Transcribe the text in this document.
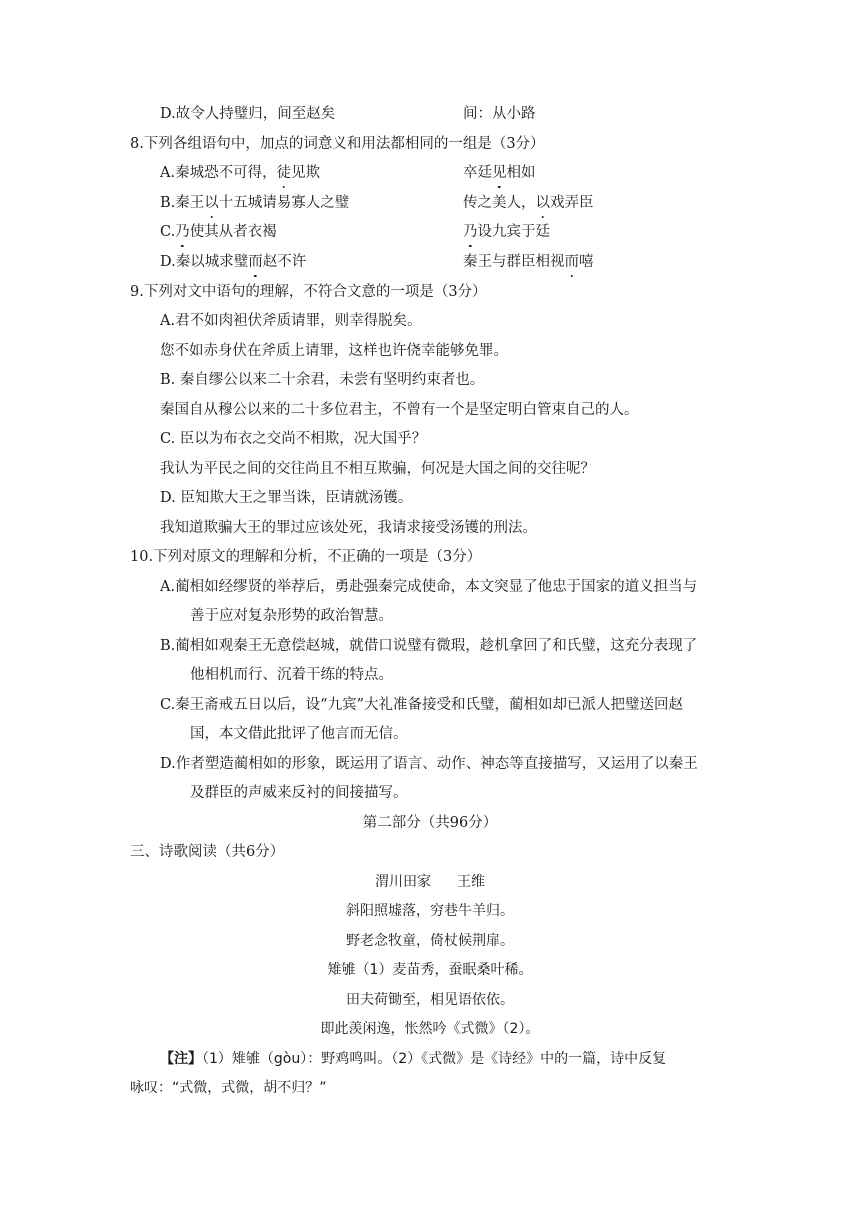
D.故令人持璧归，间至赵矣	间：从小路
8.下列各组语句中，加点的词意义和用法都相同的一组是（3分）
A.秦城恐不可得，徒见欺	卒廷见相如
B.秦王以十五城请易寡人之璧	传之美人，以戏弄臣
C.乃使其从者衣褐	乃设九宾于廷
D.秦以城求璧而赵不许	秦王与群臣相视而嘻
9.下列对文中语句的理解，不符合文意的一项是（3分）
A.君不如肉袒伏斧质请罪，则幸得脱矣。
您不如赤身伏在斧质上请罪，这样也许侥幸能够免罪。
B. 秦自缪公以来二十余君，未尝有坚明约束者也。
秦国自从穆公以来的二十多位君主，不曾有一个是坚定明白管束自己的人。
C. 臣以为布衣之交尚不相欺，况大国乎？
我认为平民之间的交往尚且不相互欺骗，何况是大国之间的交往呢？
D. 臣知欺大王之罪当诛，臣请就汤镬。
我知道欺骗大王的罪过应该处死，我请求接受汤镬的刑法。
10.下列对原文的理解和分析，不正确的一项是（3分）
A.蔺相如经缪贤的举荐后，勇赴强秦完成使命，本文突显了他忠于国家的道义担当与
善于应对复杂形势的政治智慧。
B.蔺相如观秦王无意偿赵城，就借口说璧有微瑕，趁机拿回了和氏璧，这充分表现了
他相机而行、沉着干练的特点。
C.秦王斋戒五日以后，设“九宾”大礼准备接受和氏璧，蔺相如却已派人把璧送回赵
国，本文借此批评了他言而无信。
D.作者塑造蔺相如的形象，既运用了语言、动作、神态等直接描写，又运用了以秦王
及群臣的声威来反衬的间接描写。
第二部分（共96分）
三、诗歌阅读（共6分）
渭川田家 王维
斜阳照墟落，穷巷牛羊归。
野老念牧童，倚杖候荆扉。
雉雊（1）麦苗秀，蚕眠桑叶稀。
田夫荷锄至，相见语依依。
即此羡闲逸，怅然吟《式微》（2）。
【注】（1）雉雊（gòu）：野鸡鸣叫。（2）《式微》是《诗经》中的一篇，诗中反复
咏叹：“式微，式微，胡不归？”
